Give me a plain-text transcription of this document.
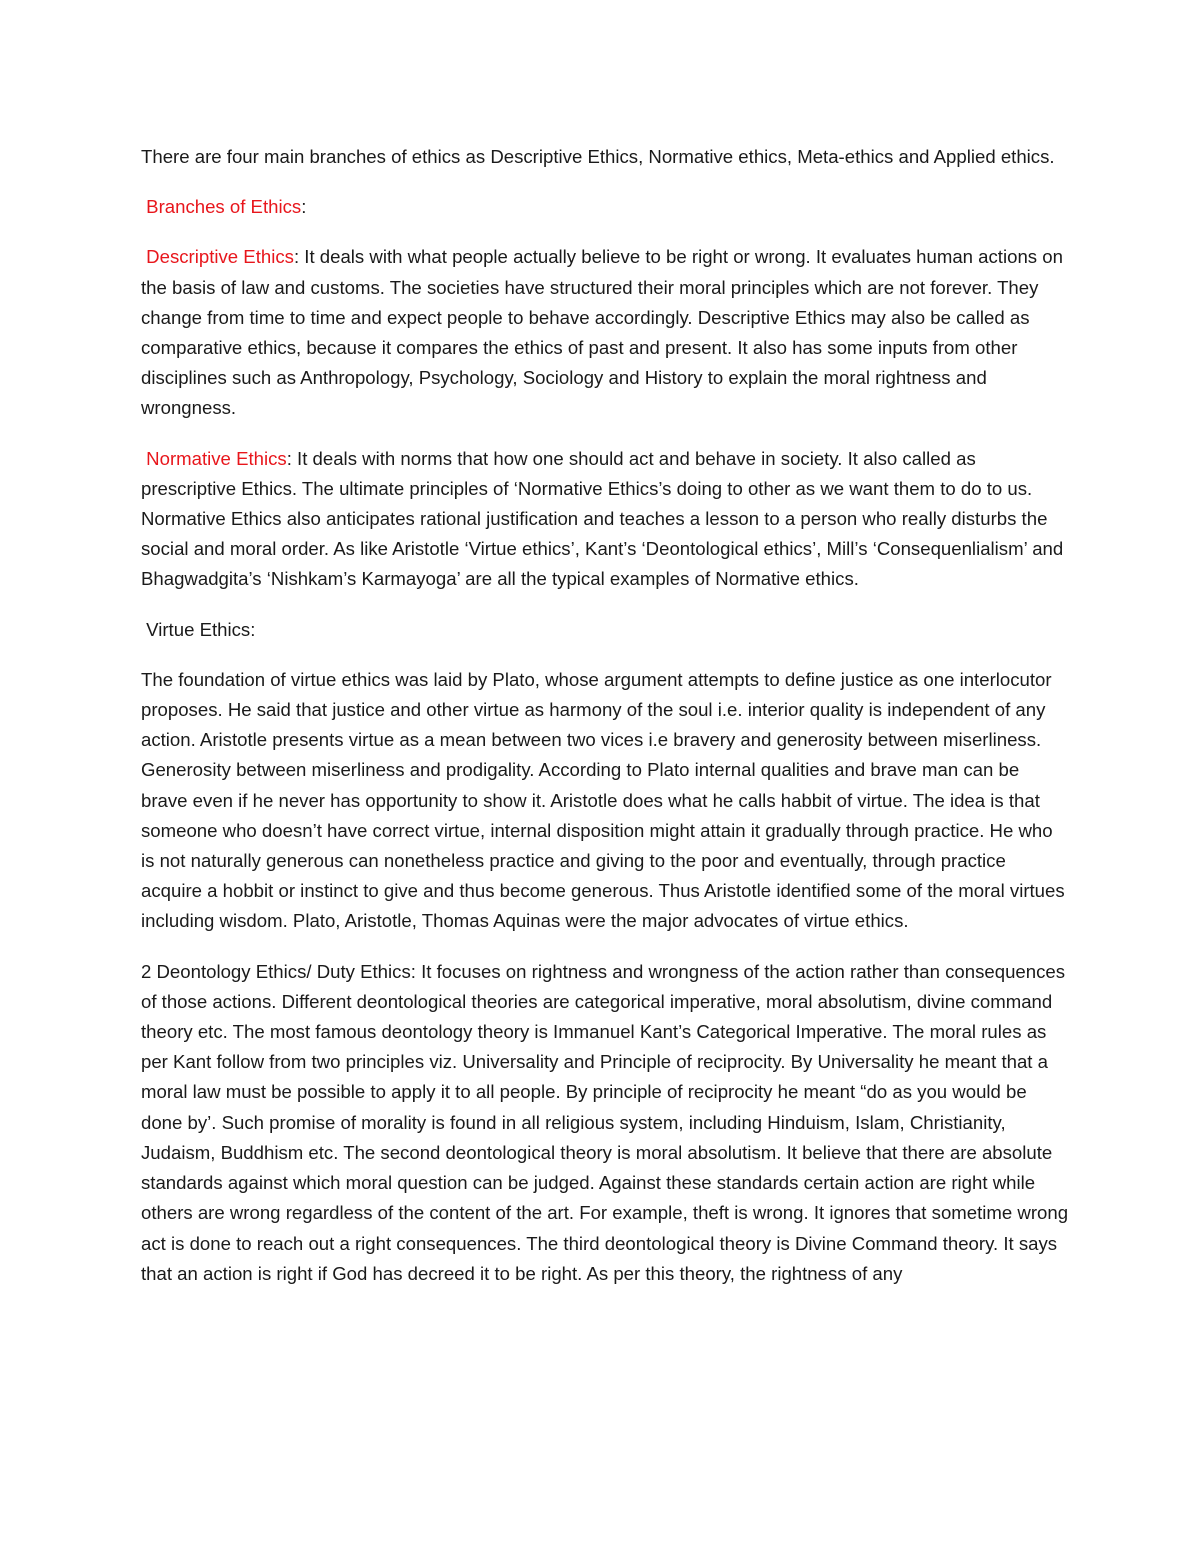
There are four main branches of ethics as Descriptive Ethics, Normative ethics, Meta-ethics and Applied ethics.

Branches of Ethics:

Descriptive Ethics: It deals with what people actually believe to be right or wrong. It evaluates human actions on the basis of law and customs. The societies have structured their moral principles which are not forever. They change from time to time and expect people to behave accordingly. Descriptive Ethics may also be called as comparative ethics, because it compares the ethics of past and present. It also has some inputs from other disciplines such as Anthropology, Psychology, Sociology and History to explain the moral rightness and wrongness.

Normative Ethics: It deals with norms that how one should act and behave in society. It also called as prescriptive Ethics. The ultimate principles of ‘Normative Ethics’s doing to other as we want them to do to us. Normative Ethics also anticipates rational justification and teaches a lesson to a person who really disturbs the social and moral order. As like Aristotle ‘Virtue ethics’, Kant’s ‘Deontological ethics’, Mill’s ‘Consequenlialism’ and Bhagwadgita’s ‘Nishkam’s Karmayoga’ are all the typical examples of Normative ethics.

Virtue Ethics:

The foundation of virtue ethics was laid by Plato, whose argument attempts to define justice as one interlocutor proposes. He said that justice and other virtue as harmony of the soul i.e. interior quality is independent of any action. Aristotle presents virtue as a mean between two vices i.e bravery and generosity between miserliness. Generosity between miserliness and prodigality. According to Plato internal qualities and brave man can be brave even if he never has opportunity to show it. Aristotle does what he calls habbit of virtue. The idea is that someone who doesn’t have correct virtue, internal disposition might attain it gradually through practice. He who is not naturally generous can nonetheless practice and giving to the poor and eventually, through practice acquire a hobbit or instinct to give and thus become generous. Thus Aristotle identified some of the moral virtues including wisdom. Plato, Aristotle, Thomas Aquinas were the major advocates of virtue ethics.

2 Deontology Ethics/ Duty Ethics: It focuses on rightness and wrongness of the action rather than consequences of those actions. Different deontological theories are categorical imperative, moral absolutism, divine command theory etc. The most famous deontology theory is Immanuel Kant’s Categorical Imperative. The moral rules as per Kant follow from two principles viz. Universality and Principle of reciprocity. By Universality he meant that a moral law must be possible to apply it to all people. By principle of reciprocity he meant “do as you would be done by’. Such promise of morality is found in all religious system, including Hinduism, Islam, Christianity, Judaism, Buddhism etc. The second deontological theory is moral absolutism. It believe that there are absolute standards against which moral question can be judged. Against these standards certain action are right while others are wrong regardless of the content of the art. For example, theft is wrong. It ignores that sometime wrong act is done to reach out a right consequences. The third deontological theory is Divine Command theory. It says that an action is right if God has decreed it to be right. As per this theory, the rightness of any
